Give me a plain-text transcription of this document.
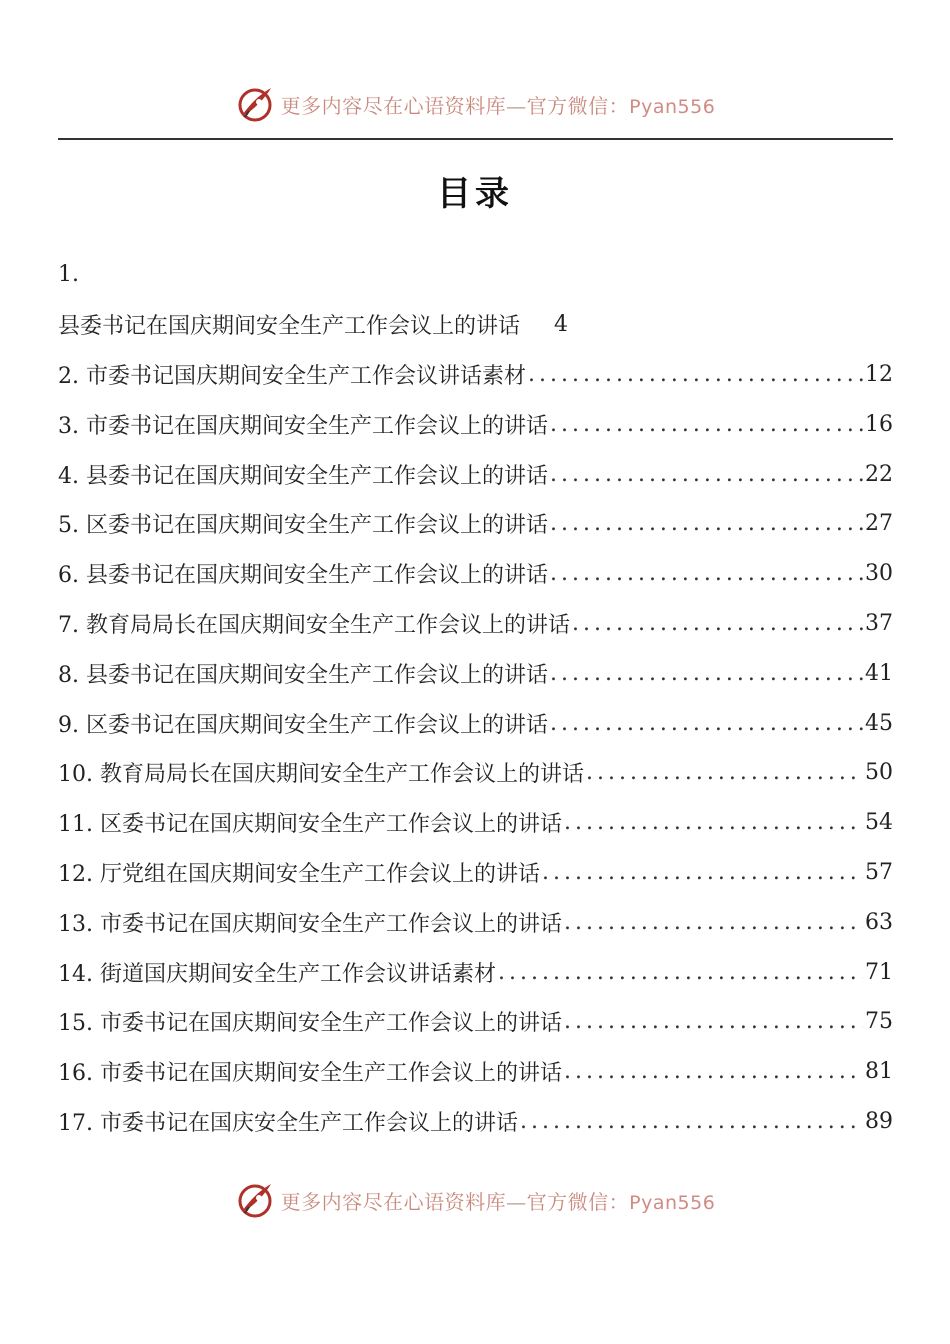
更多内容尽在心语资料库—官方微信：Pyan556
目录
1.
县委书记在国庆期间安全生产工作会议上的讲话 4
2. 市委书记国庆期间安全生产工作会议讲话素材 .....	12
3. 市委书记在国庆期间安全生产工作会议上的讲话 .....	16
4. 县委书记在国庆期间安全生产工作会议上的讲话 .....	22
5. 区委书记在国庆期间安全生产工作会议上的讲话 .....	27
6. 县委书记在国庆期间安全生产工作会议上的讲话 .....	30
7. 教育局局长在国庆期间安全生产工作会议上的讲话 .....	37
8. 县委书记在国庆期间安全生产工作会议上的讲话 .....	41
9. 区委书记在国庆期间安全生产工作会议上的讲话 .....	45
10. 教育局局长在国庆期间安全生产工作会议上的讲话 .....	50
11. 区委书记在国庆期间安全生产工作会议上的讲话 .....	54
12. 厅党组在国庆期间安全生产工作会议上的讲话 .....	57
13. 市委书记在国庆期间安全生产工作会议上的讲话 .....	63
14. 街道国庆期间安全生产工作会议讲话素材 .....	71
15. 市委书记在国庆期间安全生产工作会议上的讲话 .....	75
16. 市委书记在国庆期间安全生产工作会议上的讲话 .....	81
17. 市委书记在国庆安全生产工作会议上的讲话 .....	89
更多内容尽在心语资料库—官方微信：Pyan556
